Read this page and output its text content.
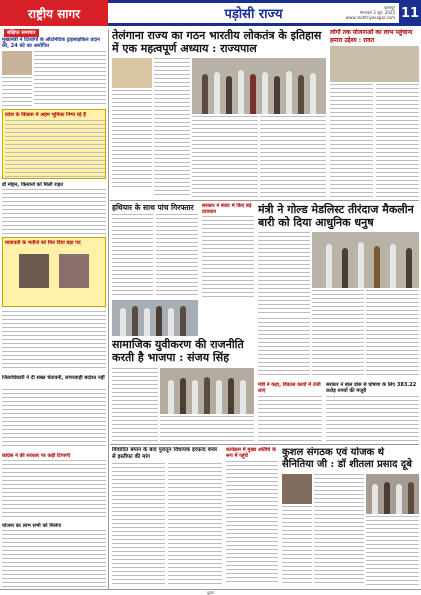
राष्ट्रीय सागर	पड़ोसी राज्य	छतरपुर
मंगलवार 3 जून, 2025
www.rashtriyasagar.com 11
संक्षिप्त समाचार
मुख्यमंत्री ने दिव्यांगों के ऑटोमेटिक ट्राइसाइकिल प्रदान की, 24 घंटे का आरोपित
प्रदेश के विकास में अहम भूमिका निभा रहे हैं
डॉ मोहन, किसानों को मिली राहत
मायावती के भतीजे को फिर दिया बड़ा पद
जिलाधिकारी ने दी सख्त चेतावनी, लापरवाही बर्दाश्त नहीं
कांग्रेस ने की सरकार पर कड़ी टिप्पणी
योजना का लाभ सभी को मिलेगा
तेलंगाना राज्य का गठन भारतीय लोकतंत्र के इतिहास में एक महत्वपूर्ण अध्याय : राज्यपाल
लोगों तक योजनाओं का लाभ पहुंचाना हमारा उद्देश्य : रावत
हथियार के साथ पांच गिरफ्तार	सरकार ने बजट में किए बड़े प्रावधान	मंत्री ने गोल्ड मेडलिस्ट तीरंदाज मैकलीन बारी को दिया आधुनिक धनुष
सामाजिक युवीकरण की राजनीति करती है भाजपा : संजय सिंह
मंत्री ने कहा, विकास कार्यों में तेजी लाएं
सरकार ने बाल डांस से घोषणा के लिए 383.22 करोड़ रुपयों की मंजूरी
विवादित बयान के बाद पुरातून विधायक इरफ़ाद कंवर से इस्तीफा की मांग
कार्यक्रम में मुख्य अतिथि के रूप में पहुंचे	कुशल संगठक एवं योजक थे सैनितिया जी : डॉ शीतला प्रसाद दूबे
मुद्रक
